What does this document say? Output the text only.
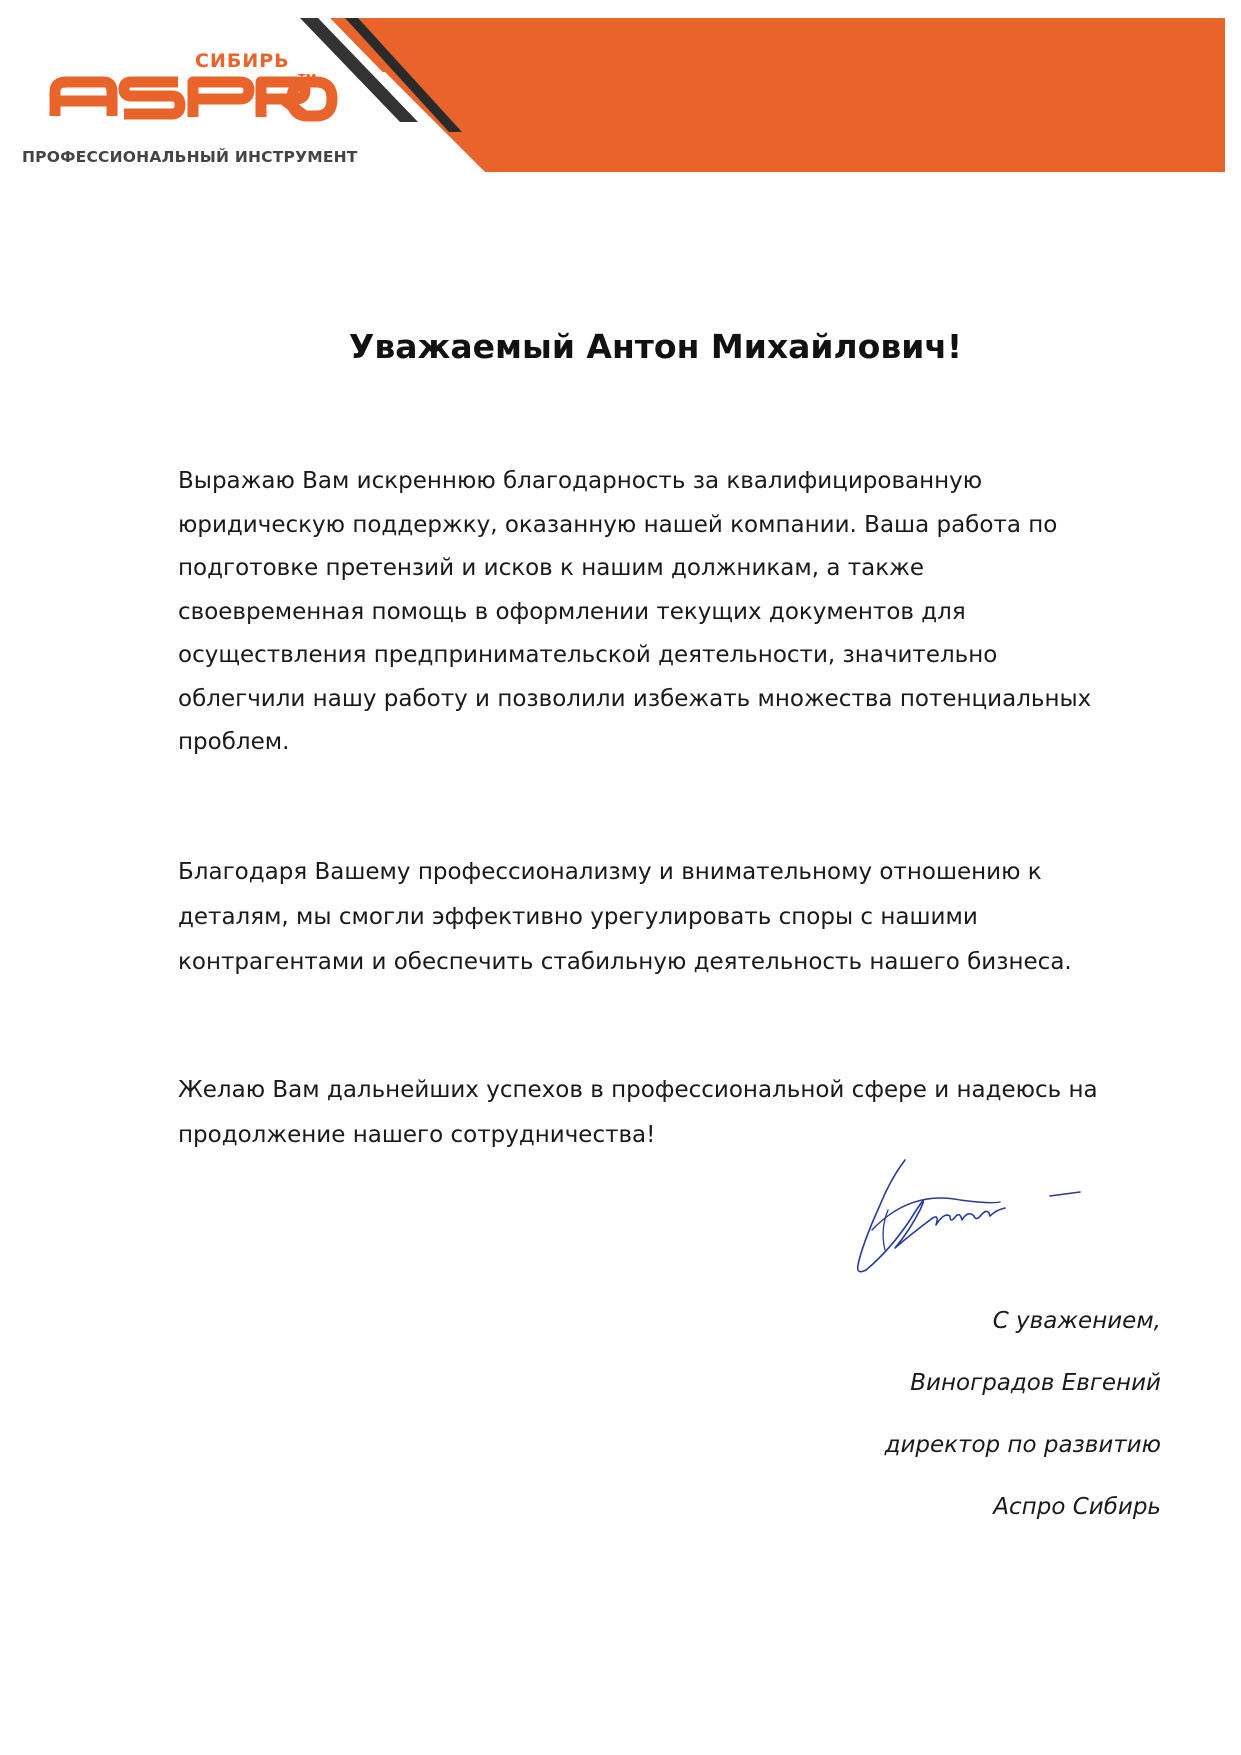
СИБИРЬ
TM
ПРОФЕССИОНАЛЬНЫЙ ИНСТРУМЕНТ
Уважаемый Антон Михайлович!
Выражаю Вам искреннюю благодарность за квалифицированную
юридическую поддержку, оказанную нашей компании. Ваша работа по
подготовке претензий и исков к нашим должникам, а также
своевременная помощь в оформлении текущих документов для
осуществления предпринимательской деятельности, значительно
облегчили нашу работу и позволили избежать множества потенциальных
проблем.
Благодаря Вашему профессионализму и внимательному отношению к
деталям, мы смогли эффективно урегулировать споры с нашими
контрагентами и обеспечить стабильную деятельность нашего бизнеса.
Желаю Вам дальнейших успехов в профессиональной сфере и надеюсь на
продолжение нашего сотрудничества!
С уважением,
Виноградов Евгений
директор по развитию
Аспро Сибирь
